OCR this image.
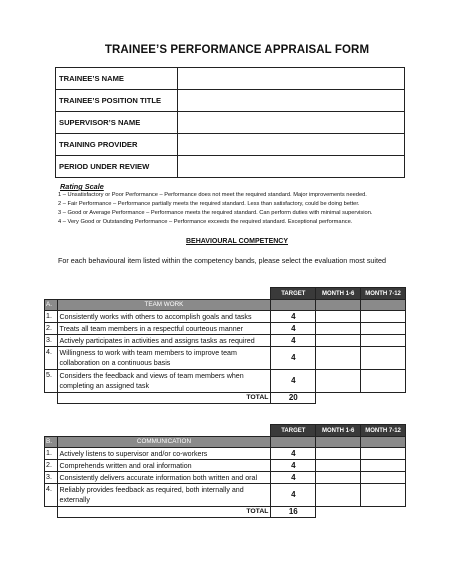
TRAINEE’S PERFORMANCE APPRAISAL FORM
TRAINEE’S NAME	
TRAINEE’S POSITION TITLE	
SUPERVISOR’S NAME	
TRAINING PROVIDER	
PERIOD UNDER REVIEW	
Rating Scale
1 – Unsatisfactory or Poor Performance – Performance does not meet the required standard. Major improvements needed.
2 – Fair Performance – Performance partially meets the required standard. Less than satisfactory, could be doing better.
3 – Good or Average Performance – Performance meets the required standard. Can perform duties with minimal supervision.
4 – Very Good or Outstanding Performance – Performance exceeds the required standard. Exceptional performance.
BEHAVIOURAL COMPETENCY
For each behavioural item listed within the competency bands, please select the evaluation most suited
		TARGET	MONTH 1-6	MONTH 7-12
A.	TEAM WORK			
1.	Consistently works with others to accomplish goals and tasks	4		
2.	Treats all team members in a respectful courteous manner	4		
3.	Actively participates in activities and assigns tasks as required	4		
4.	Willingness to work with team members to improve team collaboration on a continuous basis	4		
5.	Considers the feedback and views of team members when completing an assigned task	4		
	TOTAL	20		
		TARGET	MONTH 1-6	MONTH 7-12
B.	COMMUNICATION			
1.	Actively listens to supervisor and/or co-workers	4		
2.	Comprehends written and oral information	4		
3.	Consistently delivers accurate information both written and oral	4		
4.	Reliably provides feedback as required, both internally and externally	4		
	TOTAL	16		
